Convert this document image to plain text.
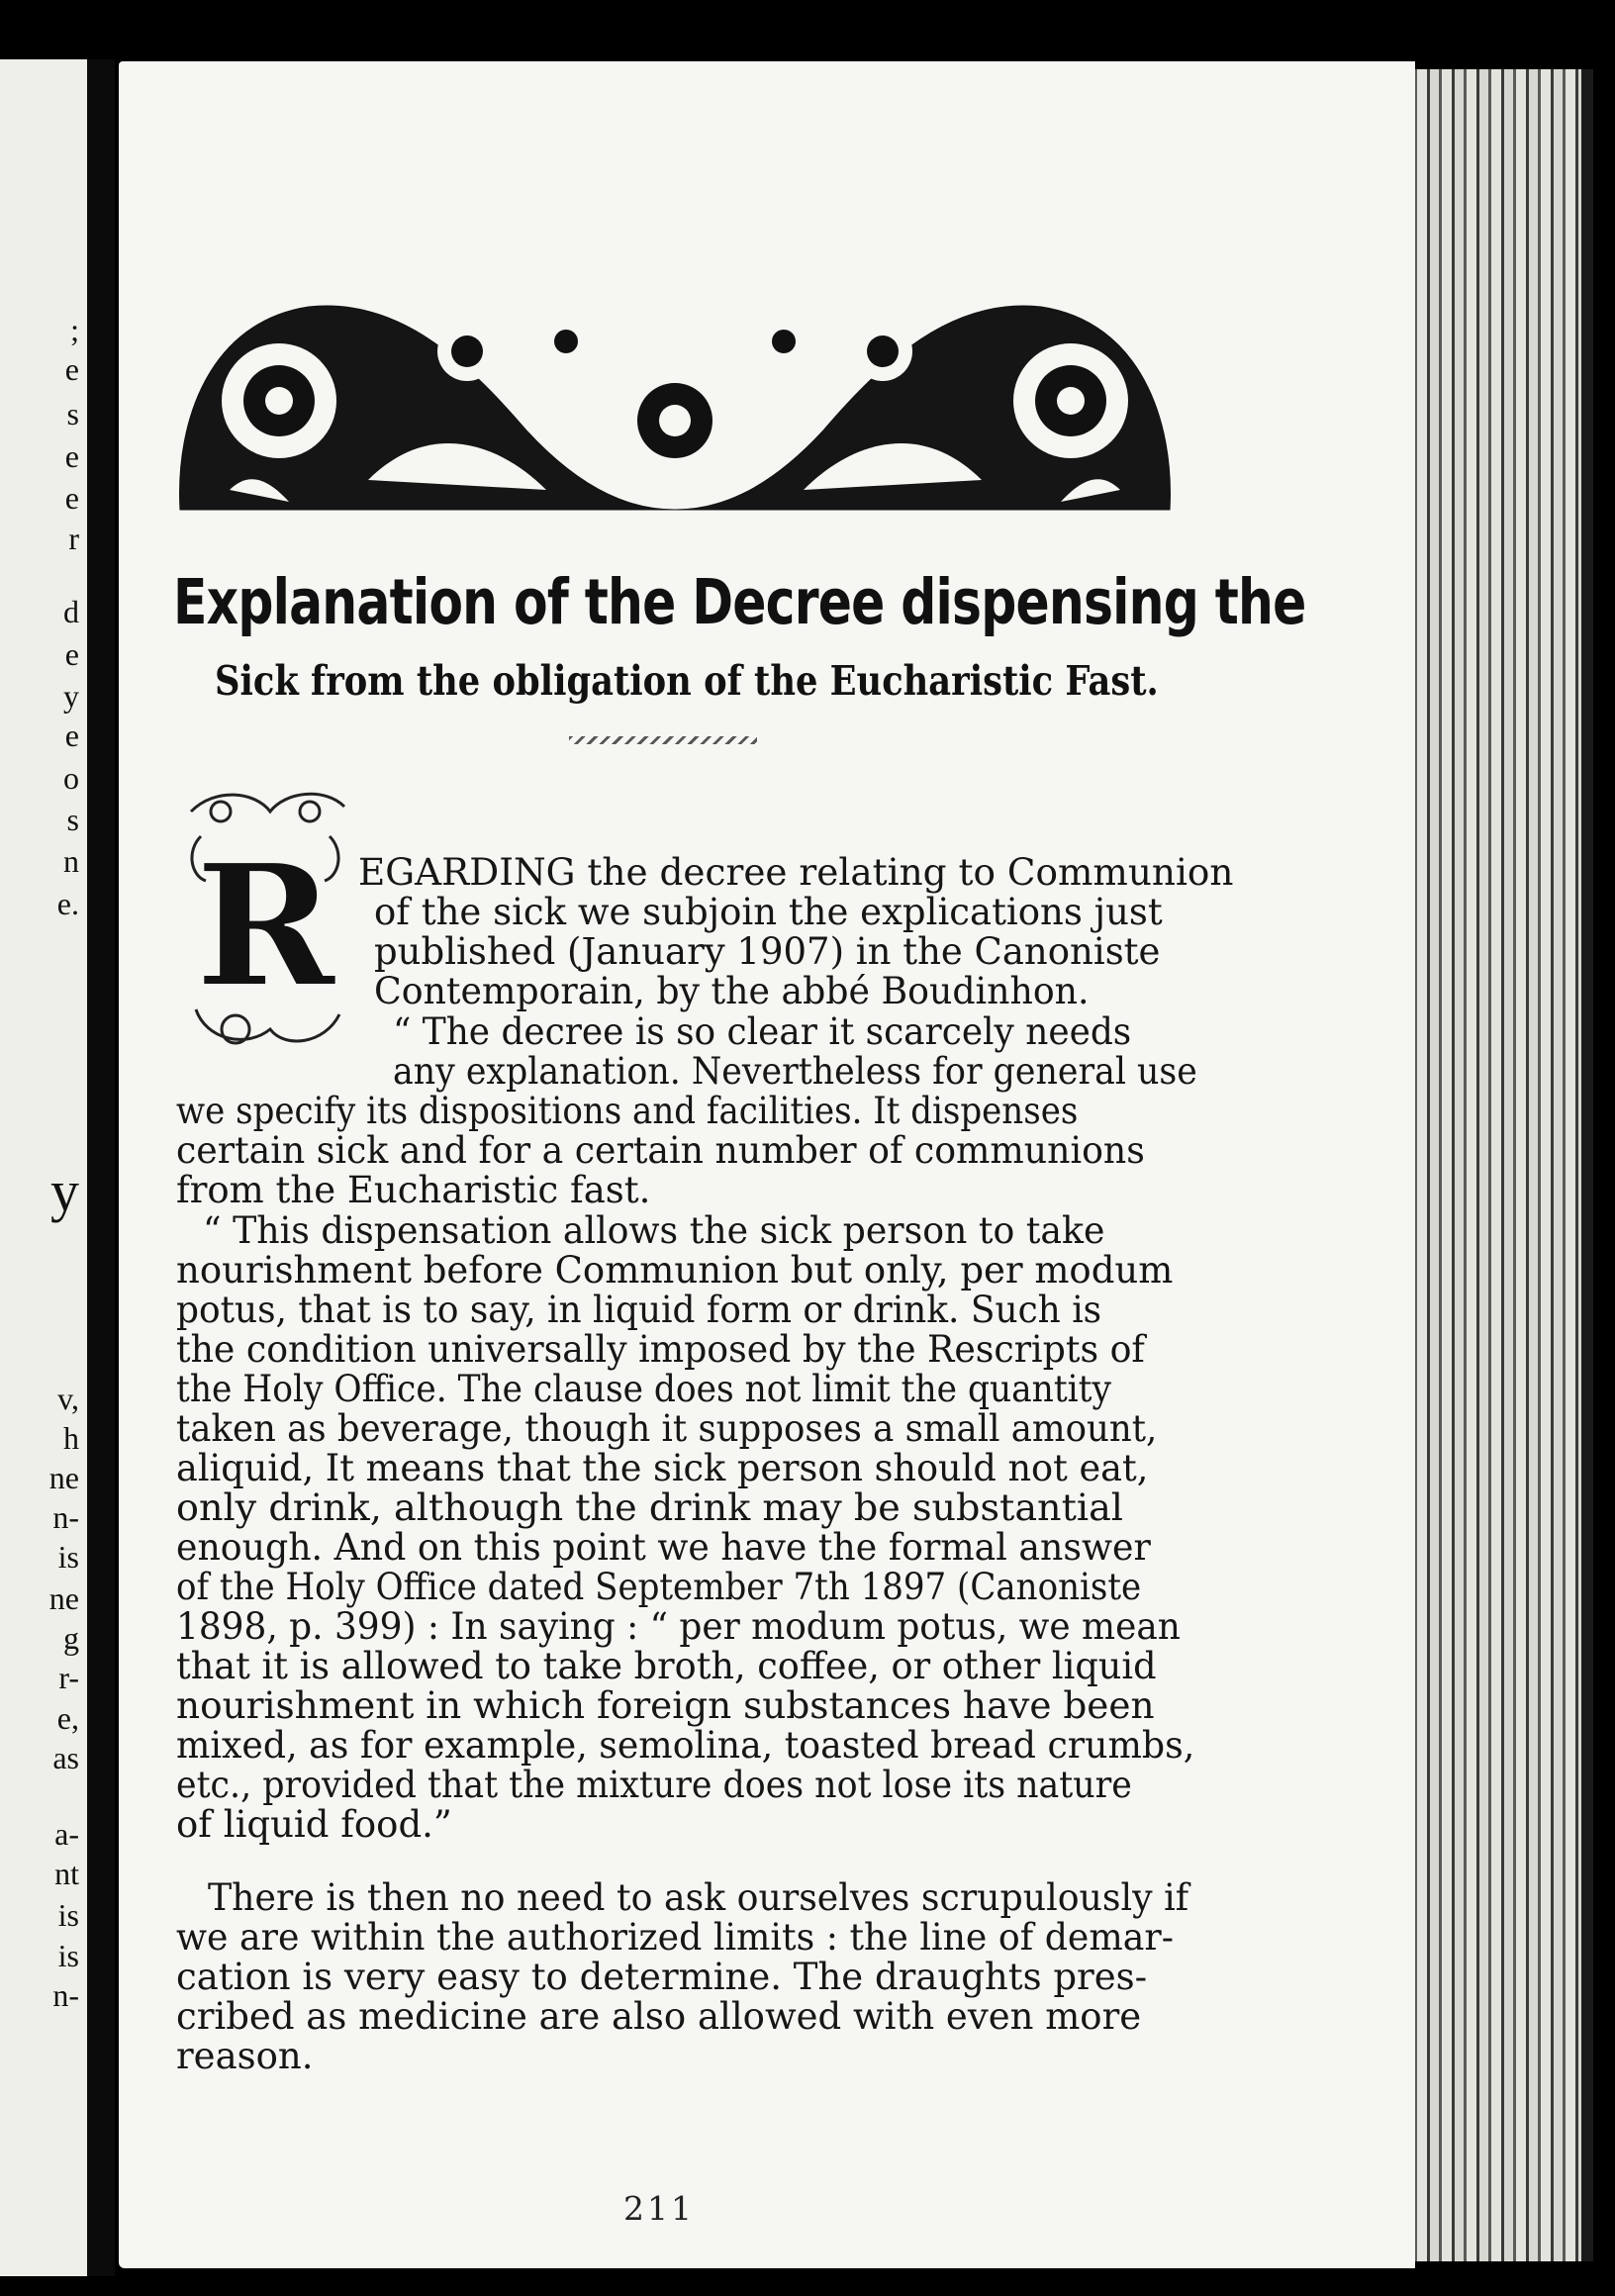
;
e
s
e
e
r
d
e
y
e
o
s
n
e.
y
v,
h
ne
n-
is
ne
g
r-
e,
as
a-
nt
is
is
n-
Explanation of the Decree dispensing the
Sick from the obligation of the Eucharistic Fast.
R EGARDING the decree relating to Communion
of the sick we subjoin the explications just
published (January 1907) in the Canoniste
Contemporain, by the abbé Boudinhon.
“ The decree is so clear it scarcely needs
any explanation. Nevertheless for general use
we specify its dispositions and facilities. It dispenses
certain sick and for a certain number of communions
from the Eucharistic fast.
“ This dispensation allows the sick person to take
nourishment before Communion but only, per modum
potus, that is to say, in liquid form or drink. Such is
the condition universally imposed by the Rescripts of
the Holy Office. The clause does not limit the quantity
taken as beverage, though it supposes a small amount,
aliquid, It means that the sick person should not eat,
only drink, although the drink may be substantial
enough. And on this point we have the formal answer
of the Holy Office dated September 7th 1897 (Canoniste
1898, p. 399) : In saying : “ per modum potus, we mean
that it is allowed to take broth, coffee, or other liquid
nourishment in which foreign substances have been
mixed, as for example, semolina, toasted bread crumbs,
etc., provided that the mixture does not lose its nature
of liquid food.”
There is then no need to ask ourselves scrupulously if
we are within the authorized limits : the line of demar-
cation is very easy to determine. The draughts pres-
cribed as medicine are also allowed with even more
reason.
211
